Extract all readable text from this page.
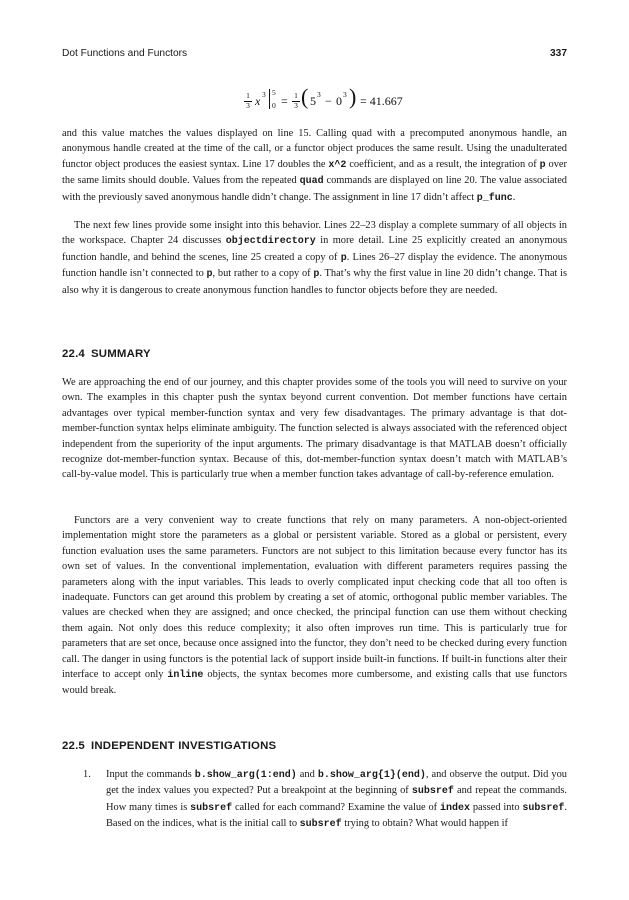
Dot Functions and Functors	337
1
3 x 3 5
0 = 1
3 ( 5 3 − 0 3 ) = 41.667

and this value matches the values displayed on line 15. Calling quad with a precomputed anonymous handle, an anonymous handle created at the time of the call, or a functor object produces the same result. Using the unadulterated functor object produces the easiest syntax. Line 17 doubles the x^2 coefficient, and as a result, the integration of p over the same limits should double. Values from the repeated quad commands are displayed on line 20. The value associated with the previously saved anonymous handle didn’t change. The assignment in line 17 didn’t affect p_func.

The next few lines provide some insight into this behavior. Lines 22–23 display a complete summary of all objects in the workspace. Chapter 24 discusses objectdirectory in more detail. Line 25 explicitly created an anonymous function handle, and behind the scenes, line 25 created a copy of p. Lines 26–27 display the evidence. The anonymous function handle isn’t connected to p, but rather to a copy of p. That’s why the first value in line 20 didn’t change. That is also why it is dangerous to create anonymous function handles to functor objects before they are needed.

22.4 SUMMARY

We are approaching the end of our journey, and this chapter provides some of the tools you will need to survive on your own. The examples in this chapter push the syntax beyond current convention. Dot member functions have certain advantages over typical member-function syntax and very few disadvantages. The primary advantage is that dot-member-function syntax helps eliminate ambiguity. The function selected is always associated with the referenced object independent from the superiority of the input arguments. The primary disadvantage is that MATLAB doesn’t officially recognize dot-member-function syntax. Because of this, dot-member-function syntax doesn’t match with MATLAB’s call-by-value model. This is particularly true when a member function takes advantage of call-by-reference emulation.

Functors are a very convenient way to create functions that rely on many parameters. A non-object-oriented implementation might store the parameters as a global or persistent variable. Stored as a global or persistent, every function evaluation uses the same parameters. Functors are not subject to this limitation because every functor has its own set of values. In the conventional implementation, evaluation with different parameters requires passing the parameters along with the input variables. This leads to overly complicated input checking code that all too often is inadequate. Functors can get around this problem by creating a set of atomic, orthogonal public member variables. The values are checked when they are assigned; and once checked, the principal function can use them without checking them again. Not only does this reduce complexity; it also often improves run time. This is particularly true for parameters that are set once, because once assigned into the functor, they don’t need to be checked during every function call. The danger in using functors is the potential lack of support inside built-in functions. If built-in functions alter their interface to accept only inline objects, the syntax becomes more cumbersome, and existing calls that use functors would break.

22.5 INDEPENDENT INVESTIGATIONS
1. Input the commands b.show_arg(1:end) and b.show_arg{1}(end), and observe the output. Did you get the index values you expected? Put a breakpoint at the beginning of subsref and repeat the commands. How many times is subsref called for each command? Examine the value of index passed into subsref. Based on the indices, what is the initial call to subsref trying to obtain? What would happen if
